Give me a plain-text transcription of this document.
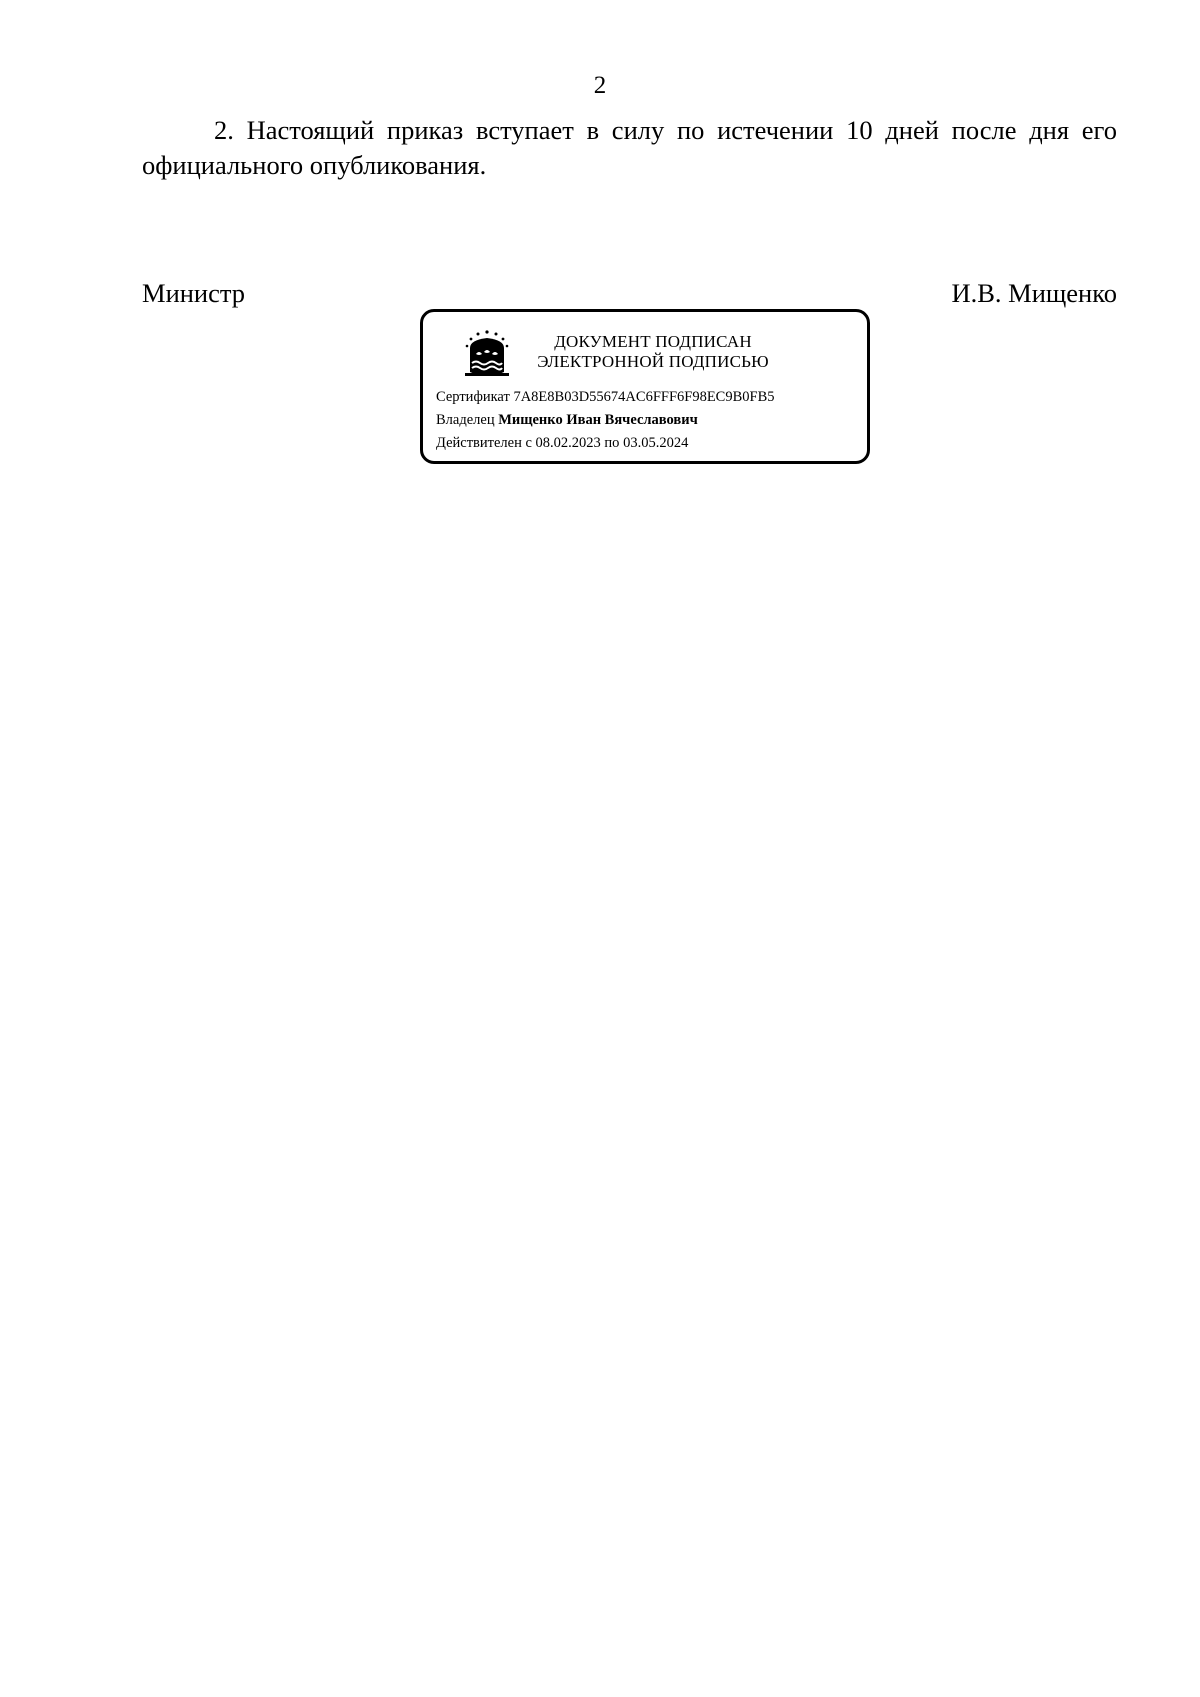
2
2. Настоящий приказ вступает в силу по истечении 10 дней после дня его официального опубликования.
Министр	И.В. Мищенко
ДОКУМЕНТ ПОДПИСАН
ЭЛЕКТРОННОЙ ПОДПИСЬЮ
Сертификат 7A8E8B03D55674AC6FFF6F98EC9B0FB5
Владелец Мищенко Иван Вячеславович
Действителен с 08.02.2023 по 03.05.2024
